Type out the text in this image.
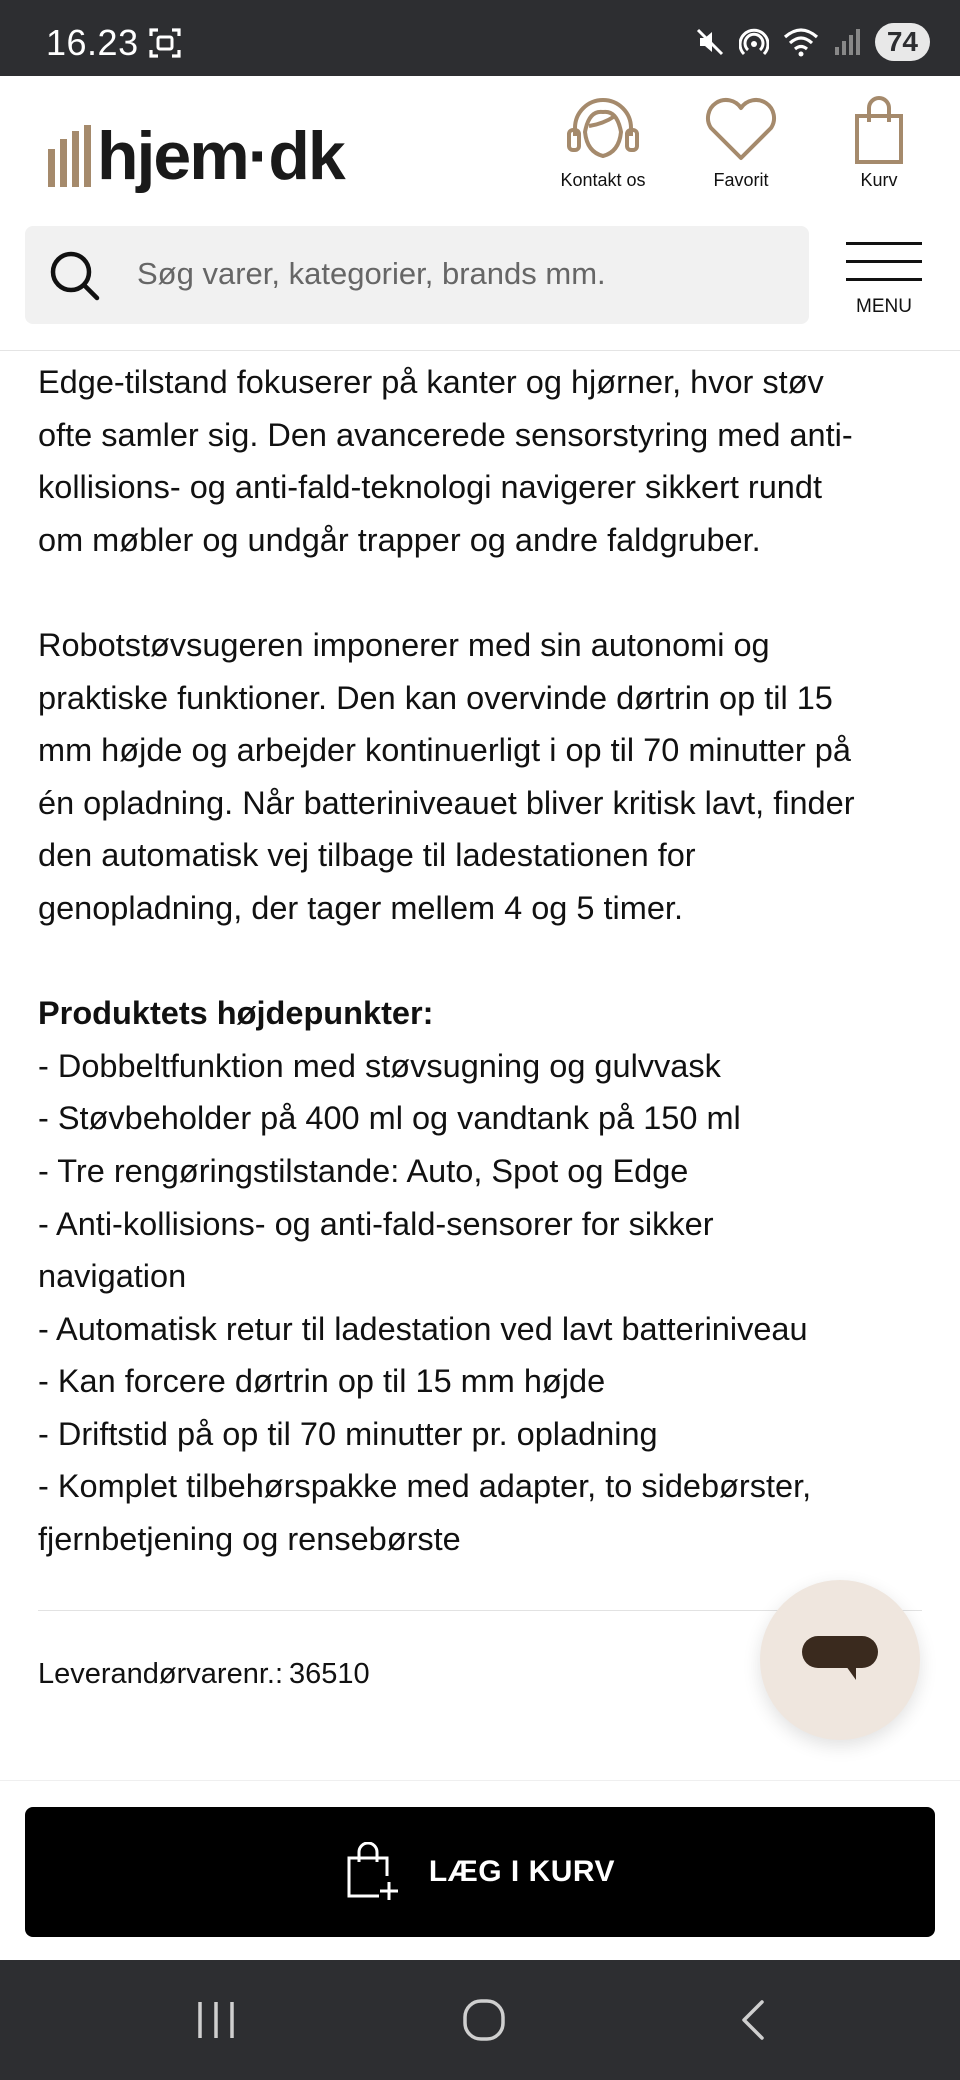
16.23	74
hjem·dk	Kontakt os	Favorit	Kurv
Søg varer, kategorier, brands mm.
MENU

Edge-tilstand fokuserer på kanter og hjørner, hvor støv

ofte samler sig. Den avancerede sensorstyring med anti-

kollisions- og anti-fald-teknologi navigerer sikkert rundt

om møbler og undgår trapper og andre faldgruber.

Robotstøvsugeren imponerer med sin autonomi og

praktiske funktioner. Den kan overvinde dørtrin op til 15

mm højde og arbejder kontinuerligt i op til 70 minutter på

én opladning. Når batteriniveauet bliver kritisk lavt, finder

den automatisk vej tilbage til ladestationen for

genopladning, der tager mellem 4 og 5 timer.

Produktets højdepunkter:

- Dobbeltfunktion med støvsugning og gulvvask

- Støvbeholder på 400 ml og vandtank på 150 ml

- Tre rengøringstilstande: Auto, Spot og Edge

- Anti-kollisions- og anti-fald-sensorer for sikker

navigation

- Automatisk retur til ladestation ved lavt batteriniveau

- Kan forcere dørtrin op til 15 mm højde

- Driftstid på op til 70 minutter pr. opladning

- Komplet tilbehørspakke med adapter, to sidebørster,

fjernbetjening og rensebørste

Leverandørvarenr.: 36510
LÆG I KURV
